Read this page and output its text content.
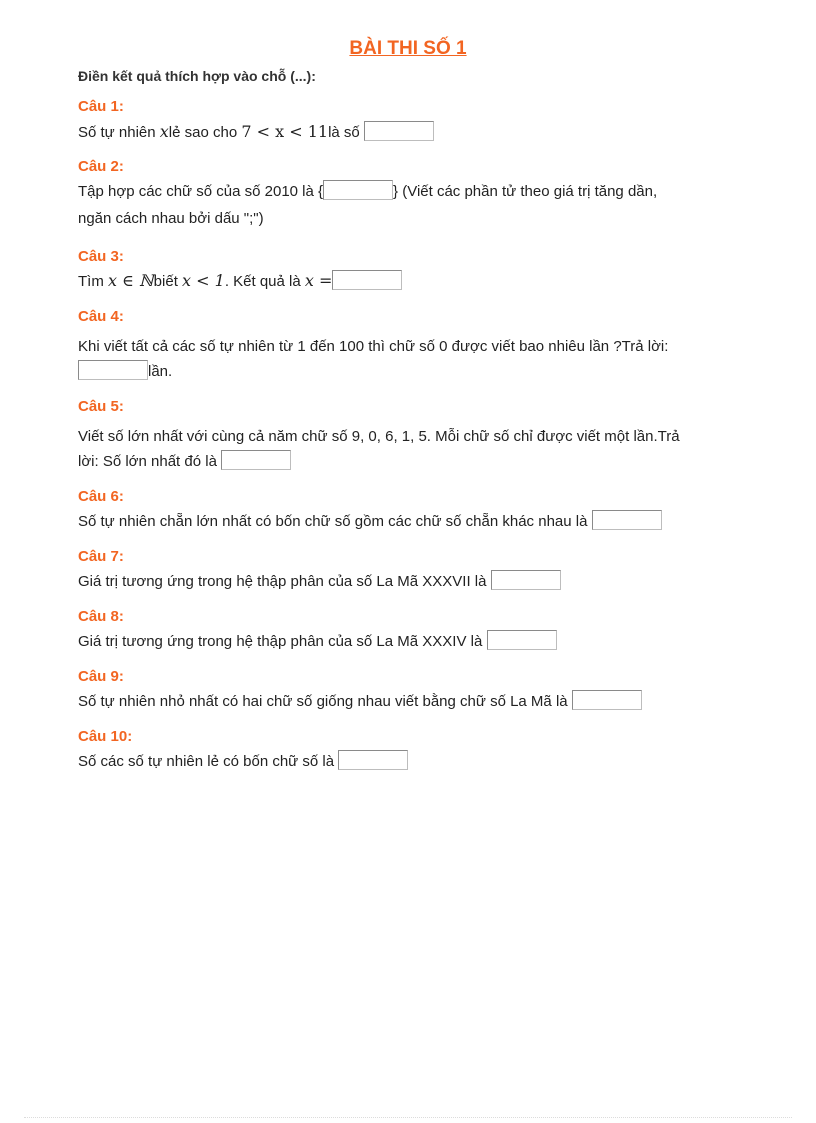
BÀI THI SỐ 1
Điền kết quả thích hợp vào chỗ (...):
Câu 1:
Số tự nhiên xlẻ sao cho 7 < x < 11là số
Câu 2:
Tập hợp các chữ số của số 2010 là {	} (Viết các phần tử theo giá trị tăng dần,
ngăn cách nhau bởi dấu ";")
Câu 3:
Tìm x ∈ ℕbiết x < 1. Kết quả là x =
Câu 4:
Khi viết tất cả các số tự nhiên từ 1 đến 100 thì chữ số 0 được viết bao nhiêu lần ?Trả lời:
lần.
Câu 5:
Viết số lớn nhất với cùng cả năm chữ số 9, 0, 6, 1, 5. Mỗi chữ số chỉ được viết một lần.Trả
lời: Số lớn nhất đó là
Câu 6:
Số tự nhiên chẵn lớn nhất có bốn chữ số gồm các chữ số chẵn khác nhau là
Câu 7:
Giá trị tương ứng trong hệ thập phân của số La Mã XXXVII là
Câu 8:
Giá trị tương ứng trong hệ thập phân của số La Mã XXXIV là
Câu 9:
Số tự nhiên nhỏ nhất có hai chữ số giống nhau viết bằng chữ số La Mã là
Câu 10:
Số các số tự nhiên lẻ có bốn chữ số là
